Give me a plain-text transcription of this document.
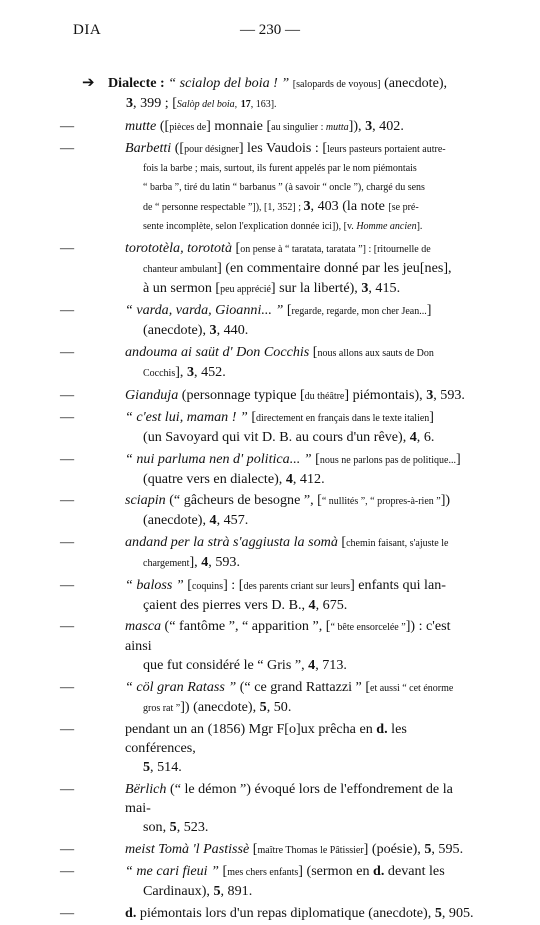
DIA	— 230 —
➔ Dialecte : “ scialop del boia ! ” [salopards de voyous] (anecdote),
3, 399 ; [Salòp del boia, 17, 163].
—	mutte ([pièces de] monnaie [au singulier : mutta]), 3, 402.
—	Barbetti ([pour désigner] les Vaudois : [leurs pasteurs portaient autre-
fois la barbe ; mais, surtout, ils furent appelés par le nom piémontais
“ barba ”, tiré du latin “ barbanus ” (à savoir “ oncle ”), chargé du sens
de “ personne respectable ”]), [1, 352] ; 3, 403 (la note [se pré-
sente incomplète, selon l'explication donnée ici]), [v. Homme ancien].
—	torototèla, torototà [on pense à “ taratata, taratata ”] : [ritournelle de
chanteur ambulant] (en commentaire donné par les jeu[nes],
à un sermon [peu apprécié] sur la liberté), 3, 415.
—	“ varda, varda, Gioanni... ” [regarde, regarde, mon cher Jean...]
(anecdote), 3, 440.
—	andouma ai saüt d' Don Cocchis [nous allons aux sauts de Don
Cocchis], 3, 452.
—	Gianduja (personnage typique [du théâtre] piémontais), 3, 593.
—	“ c'est lui, maman ! ” [directement en français dans le texte italien]
(un Savoyard qui vit D. B. au cours d'un rêve), 4, 6.
—	“ nui parluma nen d' politica... ” [nous ne parlons pas de politique...]
(quatre vers en dialecte), 4, 412.
—	sciapin (“ gâcheurs de besogne ”, [“ nullités ”, “ propres-à-rien ”])
(anecdote), 4, 457.
—	andand per la strà s'aggiusta la somà [chemin faisant, s'ajuste le
chargement], 4, 593.
—	“ baloss ” [coquins] : [des parents criant sur leurs] enfants qui lan-
çaient des pierres vers D. B., 4, 675.
—	masca (“ fantôme ”, “ apparition ”, [“ bête ensorcelée ”]) : c'est ainsi
que fut considéré le “ Gris ”, 4, 713.
—	“ cöl gran Ratass ” (“ ce grand Rattazzi ” [et aussi “ cet énorme
gros rat ”]) (anecdote), 5, 50.
—	pendant un an (1856) Mgr F[o]ux prêcha en d. les conférences,
5, 514.
—	Bërlich (“ le démon ”) évoqué lors de l'effondrement de la mai-
son, 5, 523.
—	meist Tomà 'l Pastissè [maître Thomas le Pâtissier] (poésie), 5, 595.
—	“ me cari fieui ” [mes chers enfants] (sermon en d. devant les
Cardinaux), 5, 891.
—	d. piémontais lors d'un repas diplomatique (anecdote), 5, 905.
